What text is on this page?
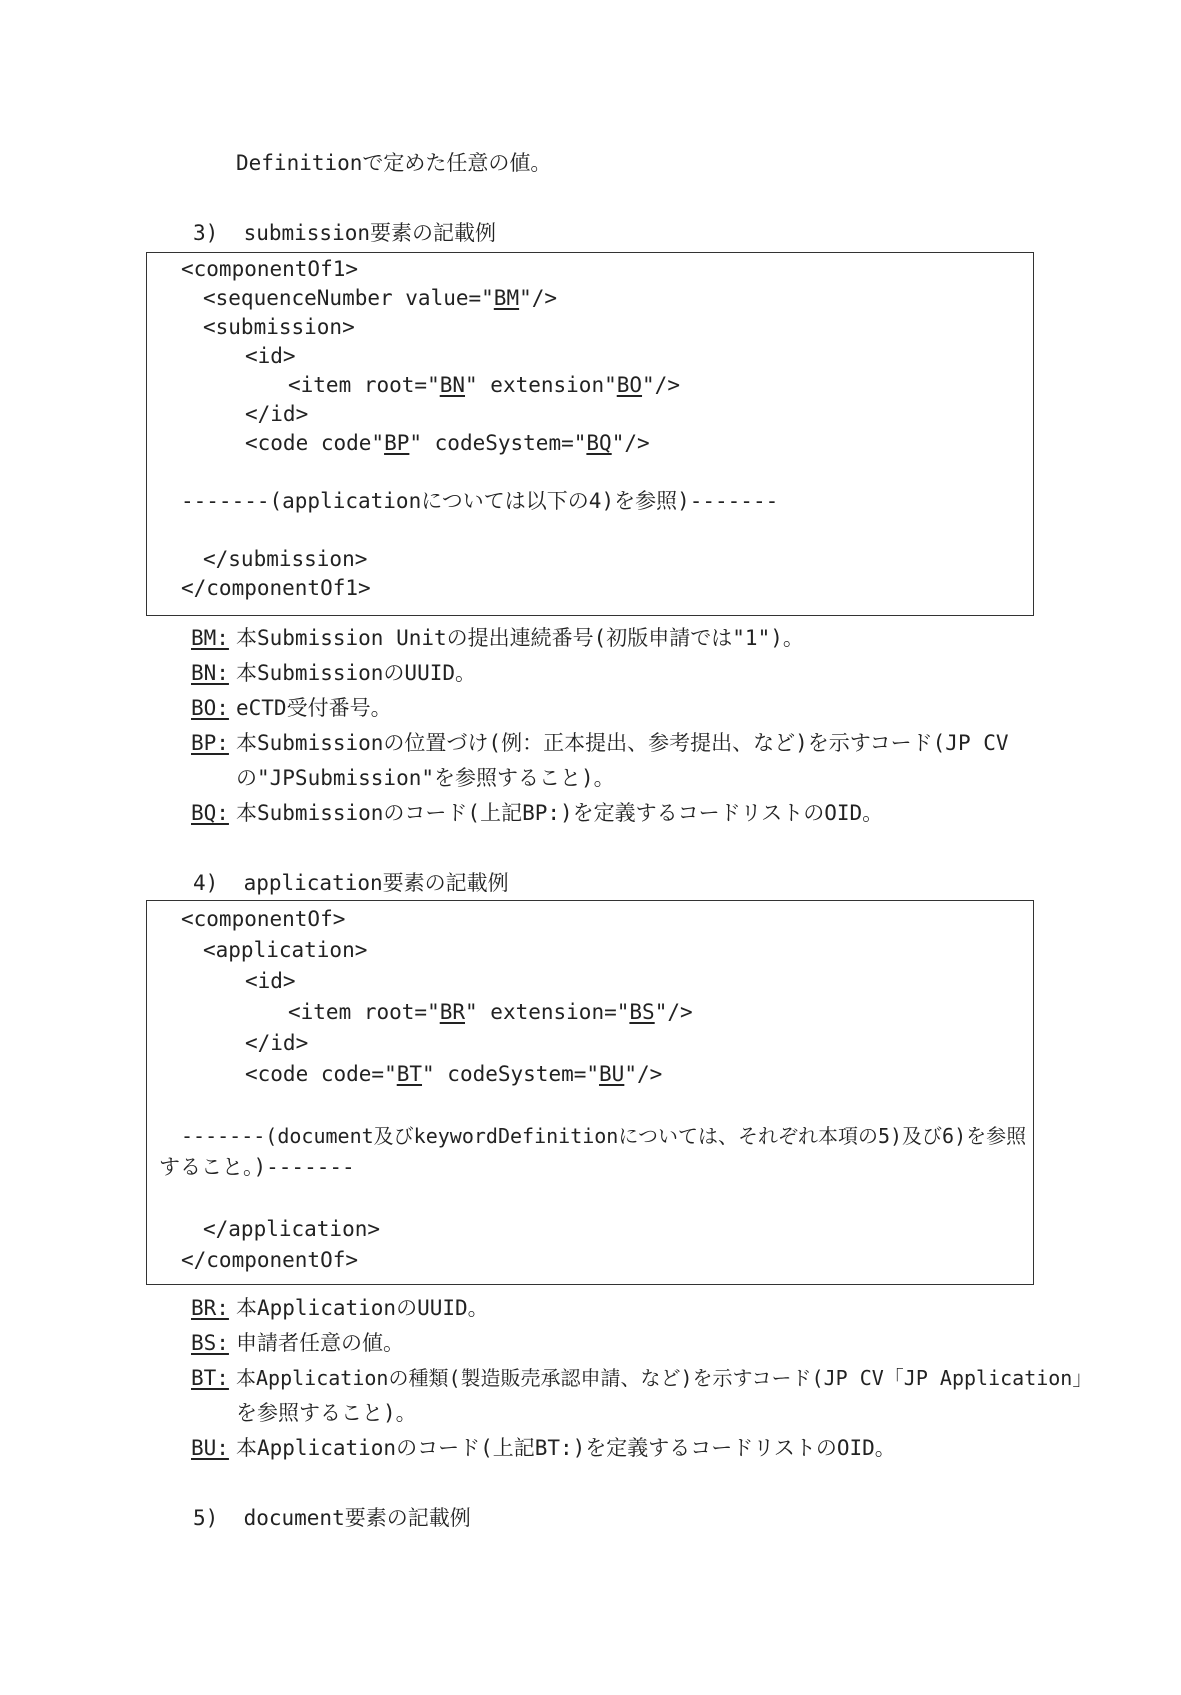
Definitionで定めた任意の値。
3)  submission要素の記載例
<componentOf1>
<sequenceNumber value="BM"/>
<submission>
<id>
<item root="BN" extension"BO"/>
</id>
<code code"BP" codeSystem="BQ"/>
-------(applicationについては以下の4)を参照)-------
</submission>
</componentOf1>
BM: 本Submission Unitの提出連続番号(初版申請では"1")。
BN: 本SubmissionのUUID。
BO: eCTD受付番号。
BP: 本Submissionの位置づけ(例：正本提出、参考提出、など)を示すコード(JP CV
の"JPSubmission"を参照すること)。
BQ: 本Submissionのコード(上記BP:)を定義するコードリストのOID。
4)  application要素の記載例
<componentOf>
<application>
<id>
<item root="BR" extension="BS"/>
</id>
<code code="BT" codeSystem="BU"/>
-------(document及びkeywordDefinitionについては、それぞれ本項の5)及び6)を参照
すること。)-------
</application>
</componentOf>
BR: 本ApplicationのUUID。
BS: 申請者任意の値。
BT: 本Applicationの種類(製造販売承認申請、など)を示すコード(JP CV「JP Application」
を参照すること)。
BU: 本Applicationのコード(上記BT:)を定義するコードリストのOID。
5)  document要素の記載例
